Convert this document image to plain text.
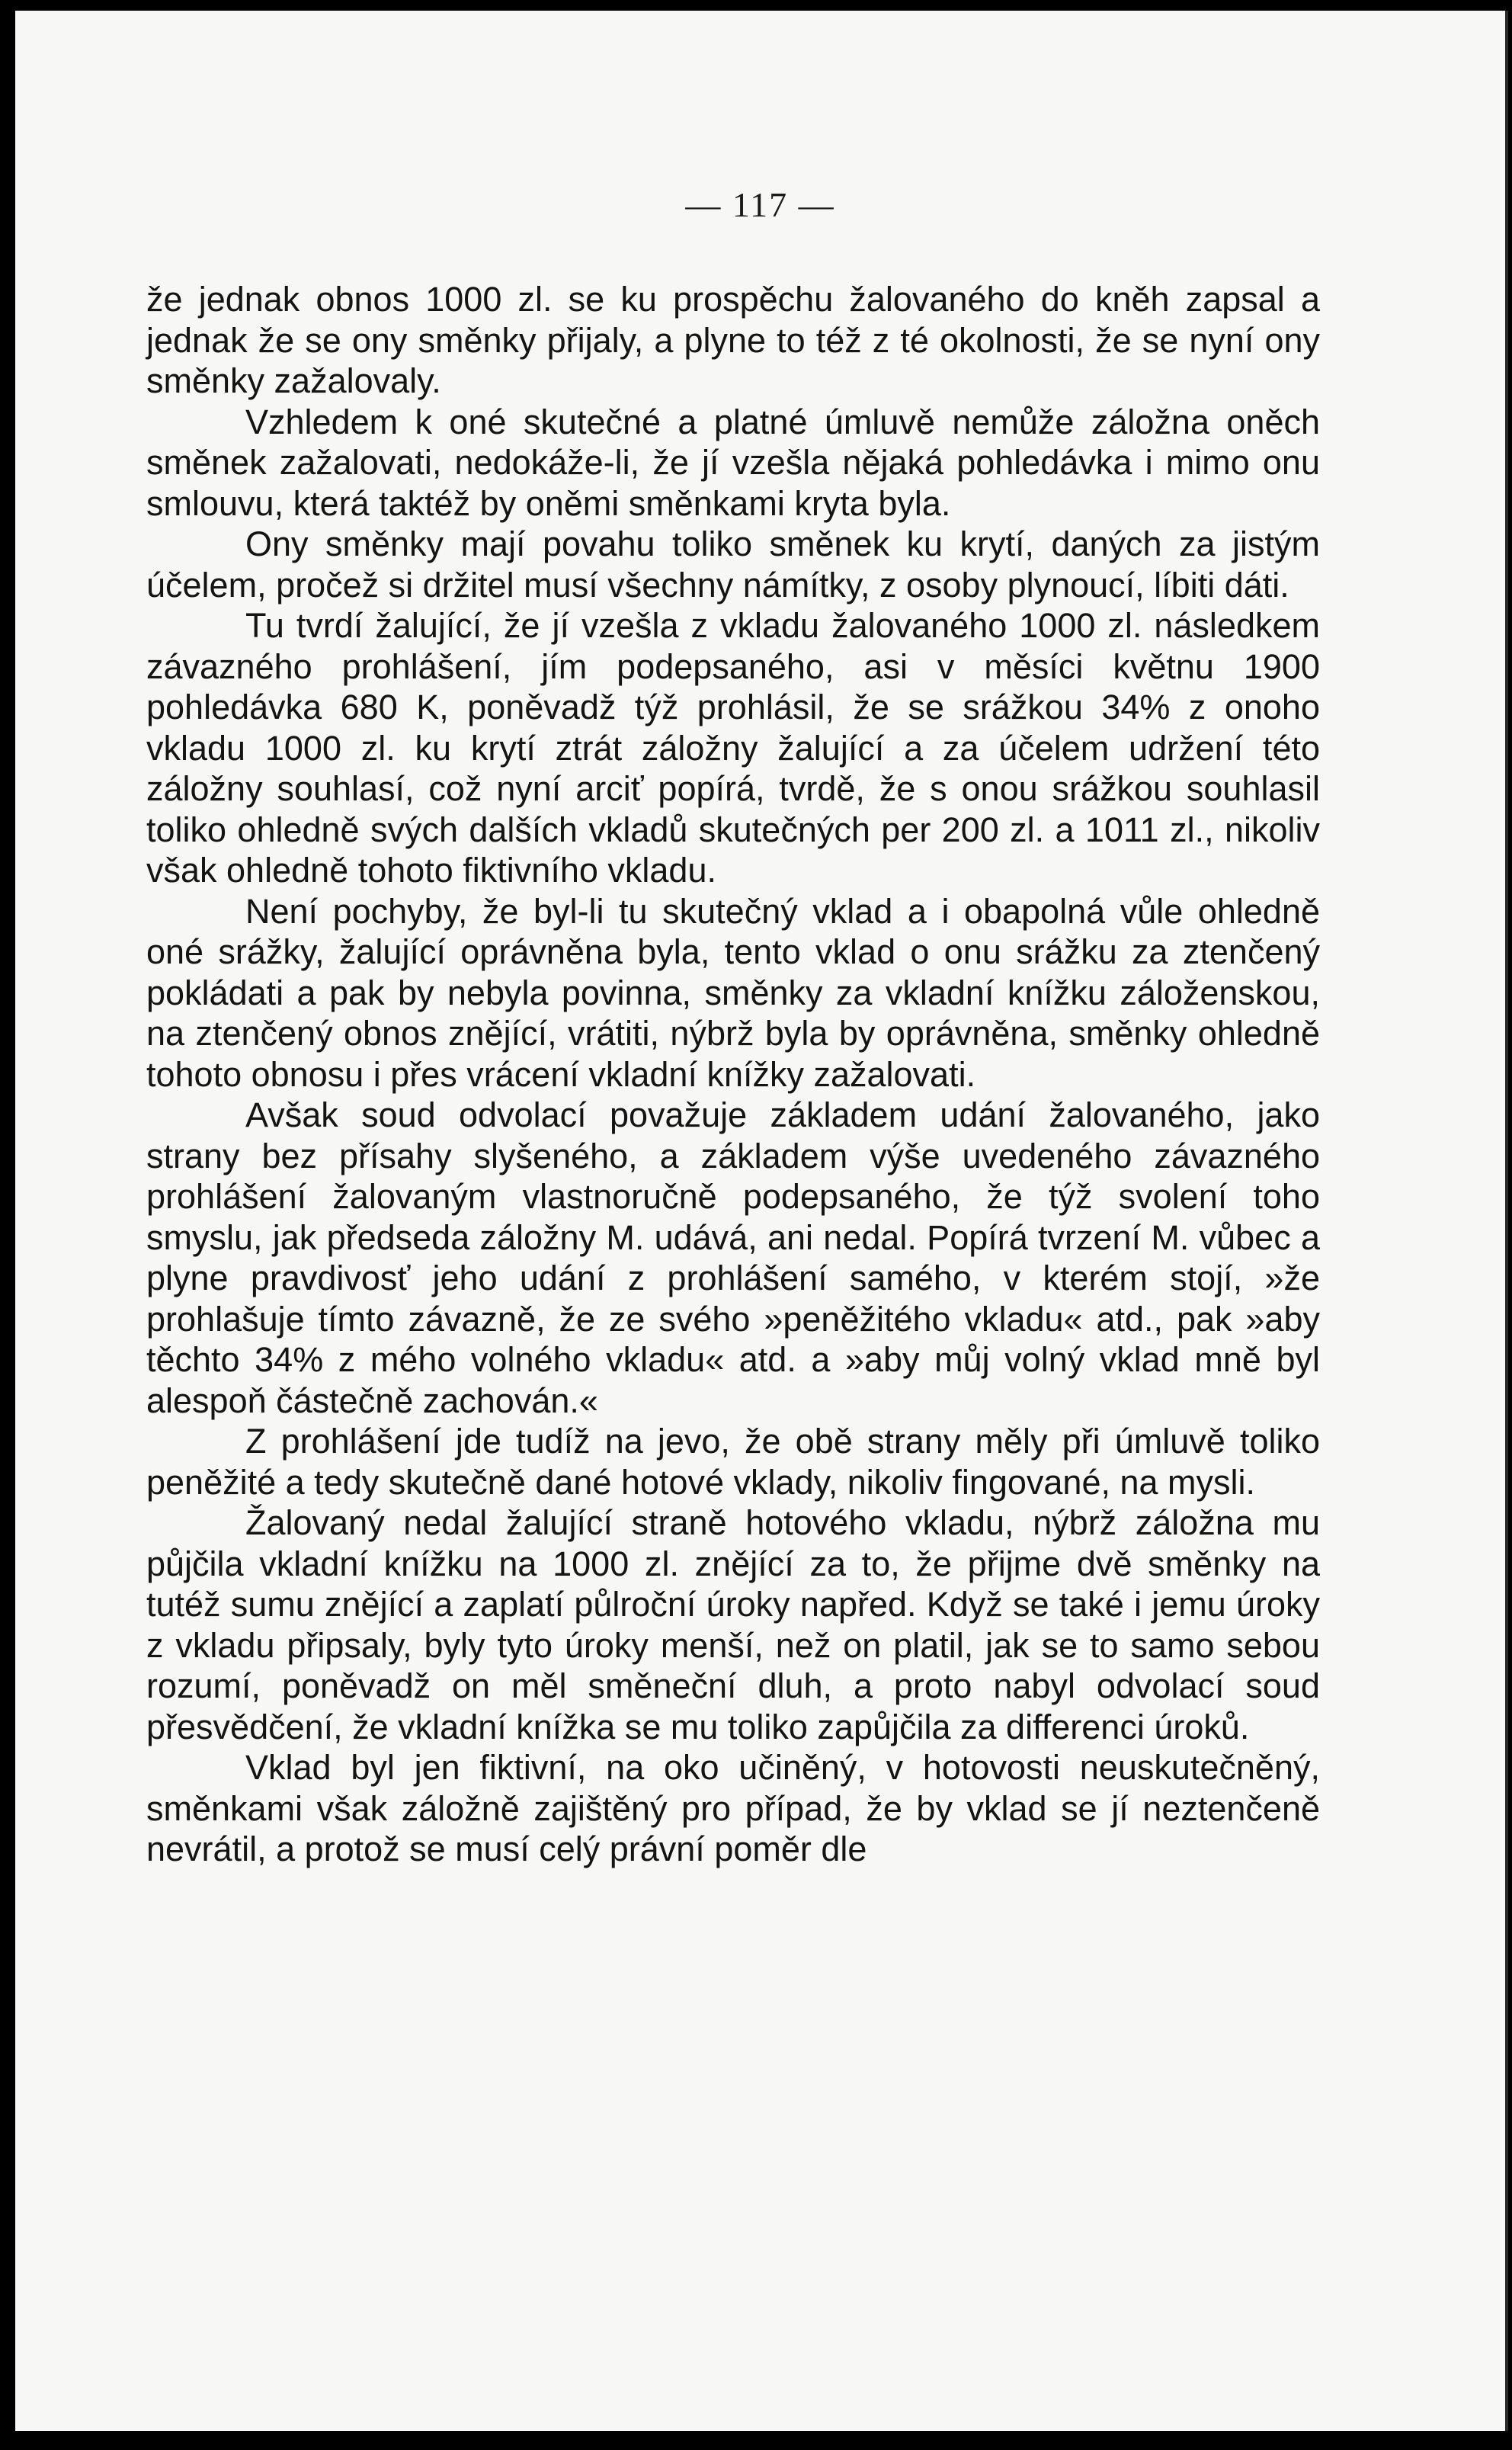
— 117 —

že jednak obnos 1000 zl. se ku prospěchu žalovaného do kněh zapsal a jednak že se ony směnky přijaly, a plyne to též z té okolnosti, že se nyní ony směnky zažalovaly.

Vzhledem k oné skutečné a platné úmluvě nemůže záložna oněch směnek zažalovati, nedokáže-li, že jí vzešla nějaká pohledávka i mimo onu smlouvu, která taktéž by oněmi směnkami kryta byla.

Ony směnky mají povahu toliko směnek ku krytí, daných za jistým účelem, pročež si držitel musí všechny námítky, z osoby plynoucí, líbiti dáti.

Tu tvrdí žalující, že jí vzešla z vkladu žalovaného 1000 zl. následkem závazného prohlášení, jím podepsaného, asi v měsíci květnu 1900 pohledávka 680 K, poněvadž týž prohlásil, že se srážkou 34% z onoho vkladu 1000 zl. ku krytí ztrát záložny žalující a za účelem udržení této záložny souhlasí, což nyní arciť popírá, tvrdě, že s onou srážkou souhlasil toliko ohledně svých dalších vkladů skutečných per 200 zl. a 1011 zl., nikoliv však ohledně tohoto fiktivního vkladu.

Není pochyby, že byl-li tu skutečný vklad a i obapolná vůle ohledně oné srážky, žalující oprávněna byla, tento vklad o onu srážku za ztenčený pokládati a pak by nebyla povinna, směnky za vkladní knížku záloženskou, na ztenčený obnos znějící, vrátiti, nýbrž byla by oprávněna, směnky ohledně tohoto obnosu i přes vrácení vkladní knížky zažalovati.

Avšak soud odvolací považuje základem udání žalovaného, jako strany bez přísahy slyšeného, a základem výše uvedeného závazného prohlášení žalovaným vlastnoručně podepsaného, že týž svolení toho smyslu, jak předseda záložny M. udává, ani nedal. Popírá tvrzení M. vůbec a plyne pravdivosť jeho udání z prohlášení samého, v kterém stojí, »že prohlašuje tímto závazně, že ze svého »peněžitého vkladu« atd., pak »aby těchto 34% z mého volného vkladu« atd. a »aby můj volný vklad mně byl alespoň částečně zachován.«

Z prohlášení jde tudíž na jevo, že obě strany měly při úmluvě toliko peněžité a tedy skutečně dané hotové vklady, nikoliv fingované, na mysli.

Žalovaný nedal žalující straně hotového vkladu, nýbrž záložna mu půjčila vkladní knížku na 1000 zl. znějící za to, že přijme dvě směnky na tutéž sumu znějící a zaplatí půlroční úroky napřed. Když se také i jemu úroky z vkladu připsaly, byly tyto úroky menší, než on platil, jak se to samo sebou rozumí, poněvadž on měl směneční dluh, a proto nabyl odvolací soud přesvědčení, že vkladní knížka se mu toliko zapůjčila za differenci úroků.

Vklad byl jen fiktivní, na oko učiněný, v hotovosti neuskutečněný, směnkami však záložně zajištěný pro případ, že by vklad se jí neztenčeně nevrátil, a protož se musí celý právní poměr dle
